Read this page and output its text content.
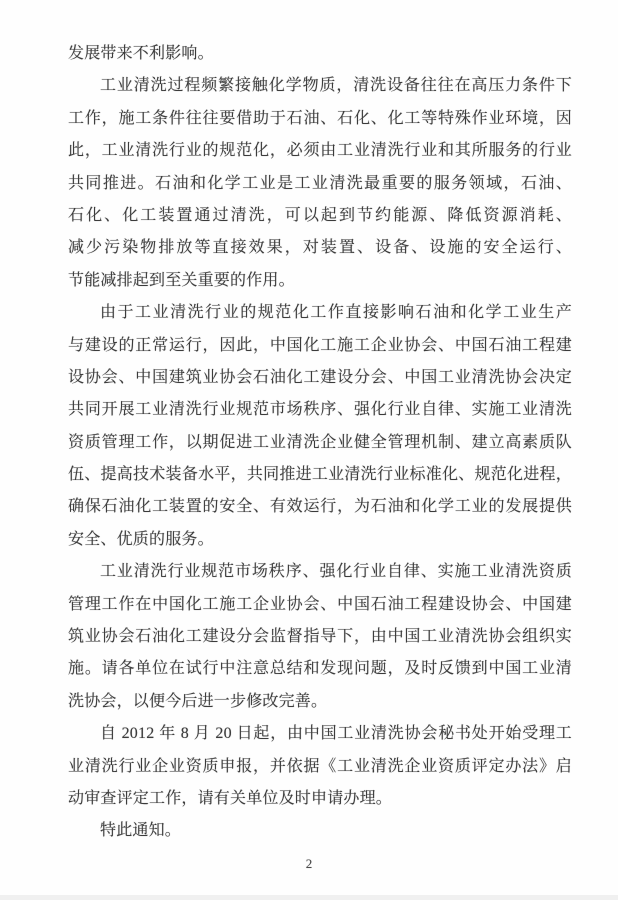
发展带来不利影响。
工业清洗过程频繁接触化学物质，清洗设备往往在高压力条件下
工作，施工条件往往要借助于石油、石化、化工等特殊作业环境，因
此，工业清洗行业的规范化，必须由工业清洗行业和其所服务的行业
共同推进。石油和化学工业是工业清洗最重要的服务领域，石油、
石化、化工装置通过清洗，可以起到节约能源、降低资源消耗、
减少污染物排放等直接效果，对装置、设备、设施的安全运行、
节能减排起到至关重要的作用。
由于工业清洗行业的规范化工作直接影响石油和化学工业生产
与建设的正常运行，因此，中国化工施工企业协会、中国石油工程建
设协会、中国建筑业协会石油化工建设分会、中国工业清洗协会决定
共同开展工业清洗行业规范市场秩序、强化行业自律、实施工业清洗
资质管理工作，以期促进工业清洗企业健全管理机制、建立高素质队
伍、提高技术装备水平，共同推进工业清洗行业标准化、规范化进程，
确保石油化工装置的安全、有效运行，为石油和化学工业的发展提供
安全、优质的服务。
工业清洗行业规范市场秩序、强化行业自律、实施工业清洗资质
管理工作在中国化工施工企业协会、中国石油工程建设协会、中国建
筑业协会石油化工建设分会监督指导下，由中国工业清洗协会组织实
施。请各单位在试行中注意总结和发现问题，及时反馈到中国工业清
洗协会，以便今后进一步修改完善。
自 2012 年 8 月 20 日起，由中国工业清洗协会秘书处开始受理工
业清洗行业企业资质申报，并依据《工业清洗企业资质评定办法》启
动审查评定工作，请有关单位及时申请办理。
特此通知。
2
